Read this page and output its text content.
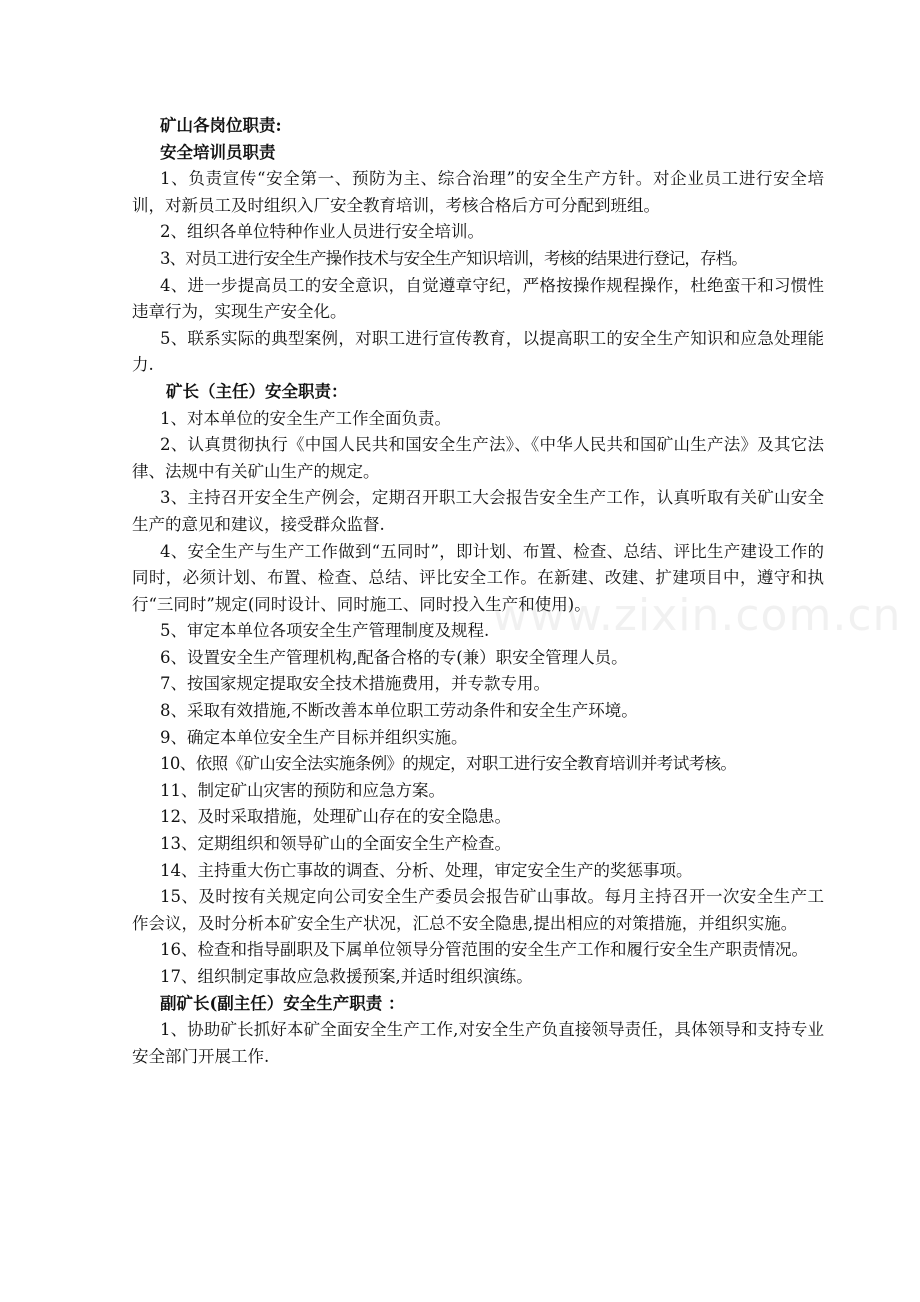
矿山各岗位职责:
安全培训员职责

1、负责宣传“安全第一、预防为主、综合治理”的安全生产方针。对企业员工进行安全培训，对新员工及时组织入厂安全教育培训，考核合格后方可分配到班组。

2、组织各单位特种作业人员进行安全培训。

3、对员工进行安全生产操作技术与安全生产知识培训，考核的结果进行登记，存档。

4、进一步提高员工的安全意识，自觉遵章守纪，严格按操作规程操作，杜绝蛮干和习惯性违章行为，实现生产安全化。

5、联系实际的典型案例，对职工进行宣传教育，以提高职工的安全生产知识和应急处理能力.

矿长（主任）安全职责：

1、对本单位的安全生产工作全面负责。

2、认真贯彻执行《中国人民共和国安全生产法》、《中华人民共和国矿山生产法》及其它法律、法规中有关矿山生产的规定。

3、主持召开安全生产例会，定期召开职工大会报告安全生产工作，认真听取有关矿山安全生产的意见和建议，接受群众监督.

4、安全生产与生产工作做到“五同时”，即计划、布置、检查、总结、评比生产建设工作的同时，必须计划、布置、检查、总结、评比安全工作。在新建、改建、扩建项目中，遵守和执行“三同时”规定(同时设计、同时施工、同时投入生产和使用)。

5、审定本单位各项安全生产管理制度及规程.

6、设置安全生产管理机构,配备合格的专(兼）职安全管理人员。

7、按国家规定提取安全技术措施费用，并专款专用。

8、采取有效措施,不断改善本单位职工劳动条件和安全生产环境。

9、确定本单位安全生产目标并组织实施。

10、依照《矿山安全法实施条例》的规定，对职工进行安全教育培训并考试考核。

11、制定矿山灾害的预防和应急方案。

12、及时采取措施，处理矿山存在的安全隐患。

13、定期组织和领导矿山的全面安全生产检查。

14、主持重大伤亡事故的调查、分析、处理，审定安全生产的奖惩事项。

15、及时按有关规定向公司安全生产委员会报告矿山事故。每月主持召开一次安全生产工作会议，及时分析本矿安全生产状况，汇总不安全隐患,提出相应的对策措施，并组织实施。

16、检查和指导副职及下属单位领导分管范围的安全生产工作和履行安全生产职责情况。

17、组织制定事故应急救援预案,并适时组织演练。

副矿长(副主任）安全生产职责 ：

1、协助矿长抓好本矿全面安全生产工作,对安全生产负直接领导责任，具体领导和支持专业安全部门开展工作.

www.zixin.com.cn
